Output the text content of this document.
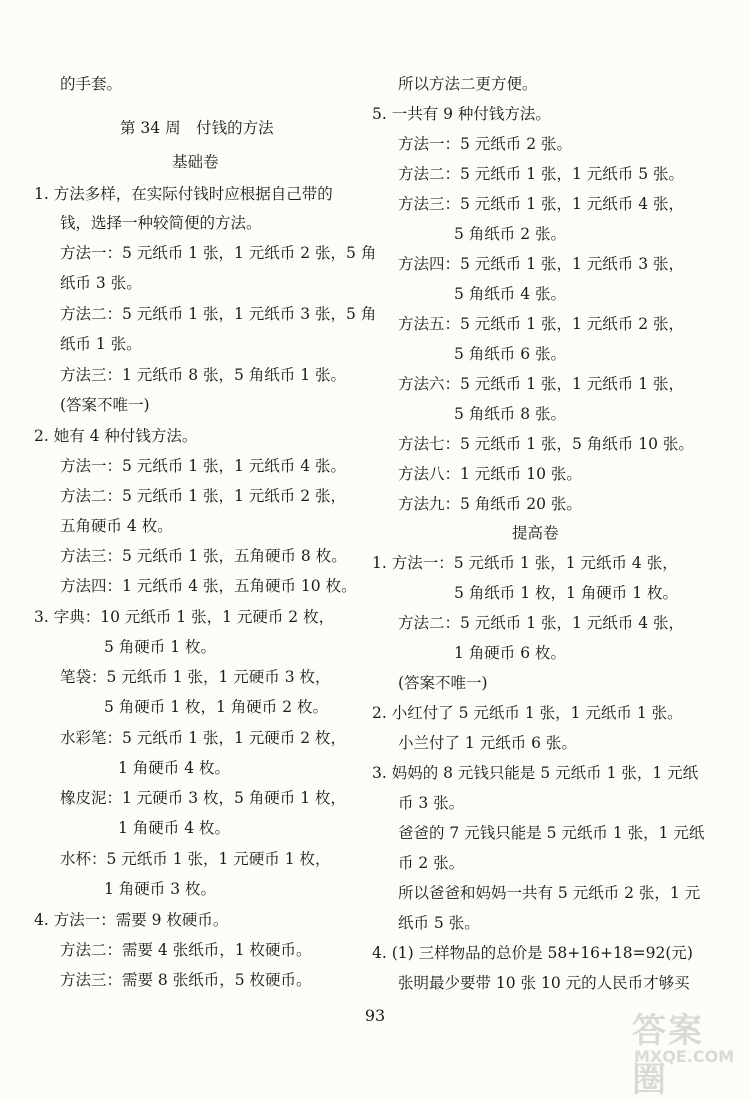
的手套。
第 34 周　付钱的方法
基础卷
1. 方法多样，在实际付钱时应根据自己带的
钱，选择一种较简便的方法。
方法一：5 元纸币 1 张，1 元纸币 2 张，5 角
纸币 3 张。
方法二：5 元纸币 1 张，1 元纸币 3 张，5 角
纸币 1 张。
方法三：1 元纸币 8 张，5 角纸币 1 张。
(答案不唯一)
2. 她有 4 种付钱方法。
方法一：5 元纸币 1 张，1 元纸币 4 张。
方法二：5 元纸币 1 张，1 元纸币 2 张，
五角硬币 4 枚。
方法三：5 元纸币 1 张，五角硬币 8 枚。
方法四：1 元纸币 4 张，五角硬币 10 枚。
3. 字典：10 元纸币 1 张，1 元硬币 2 枚，
5 角硬币 1 枚。
笔袋：5 元纸币 1 张，1 元硬币 3 枚，
5 角硬币 1 枚，1 角硬币 2 枚。
水彩笔：5 元纸币 1 张，1 元硬币 2 枚，
1 角硬币 4 枚。
橡皮泥：1 元硬币 3 枚，5 角硬币 1 枚，
1 角硬币 4 枚。
水杯：5 元纸币 1 张，1 元硬币 1 枚，
1 角硬币 3 枚。
4. 方法一：需要 9 枚硬币。
方法二：需要 4 张纸币，1 枚硬币。
方法三：需要 8 张纸币，5 枚硬币。
所以方法二更方便。
5. 一共有 9 种付钱方法。
方法一：5 元纸币 2 张。
方法二：5 元纸币 1 张，1 元纸币 5 张。
方法三：5 元纸币 1 张，1 元纸币 4 张，
5 角纸币 2 张。
方法四：5 元纸币 1 张，1 元纸币 3 张，
5 角纸币 4 张。
方法五：5 元纸币 1 张，1 元纸币 2 张，
5 角纸币 6 张。
方法六：5 元纸币 1 张，1 元纸币 1 张，
5 角纸币 8 张。
方法七：5 元纸币 1 张，5 角纸币 10 张。
方法八：1 元纸币 10 张。
方法九：5 角纸币 20 张。
提高卷
1. 方法一：5 元纸币 1 张，1 元纸币 4 张，
5 角纸币 1 枚，1 角硬币 1 枚。
方法二：5 元纸币 1 张，1 元纸币 4 张，
1 角硬币 6 枚。
(答案不唯一)
2. 小红付了 5 元纸币 1 张，1 元纸币 1 张。
小兰付了 1 元纸币 6 张。
3. 妈妈的 8 元钱只能是 5 元纸币 1 张，1 元纸
币 3 张。
爸爸的 7 元钱只能是 5 元纸币 1 张，1 元纸
币 2 张。
所以爸爸和妈妈一共有 5 元纸币 2 张，1 元
纸币 5 张。
4. (1) 三样物品的总价是 58+16+18=92(元)
张明最少要带 10 张 10 元的人民币才够买
93	答案圈
MXQE.COM
